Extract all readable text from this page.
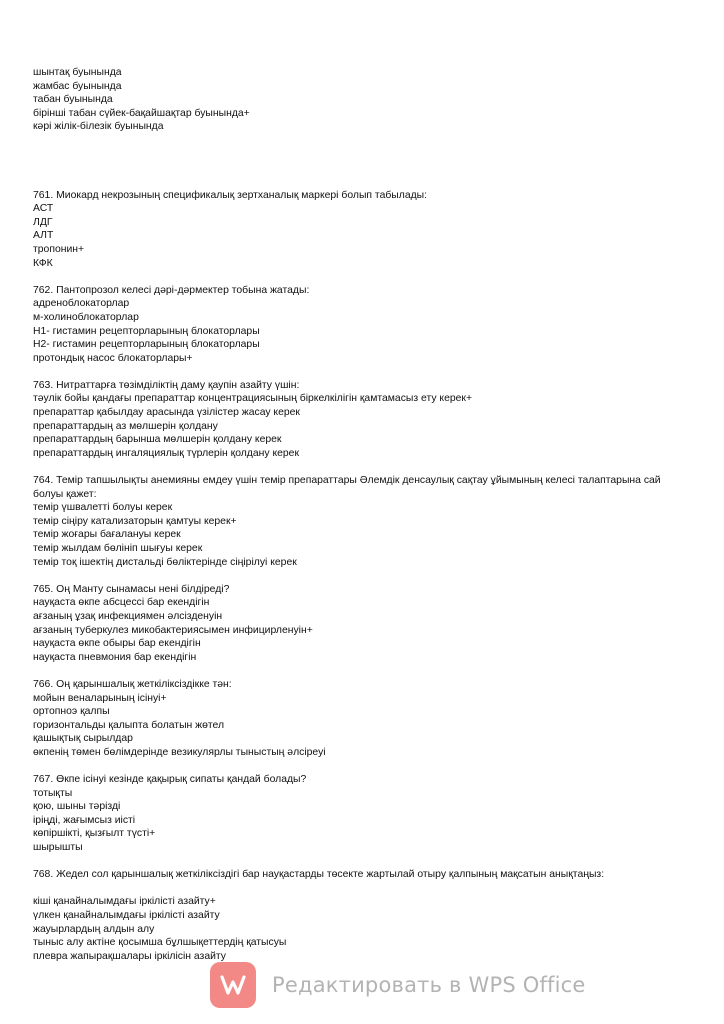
шынтақ буынында
жамбас буынында
табан буынында
бірінші табан сүйек-бақайшақтар буынында+
кәрі жілік-білезік буынында
761. Миокард некрозының спецификалық зертханалық маркері болып табылады:
АСТ
ЛДГ
АЛТ
тропонин+
КФК
762. Пантопрозол келесі дәрі-дәрмектер тобына жатады:
адреноблокаторлар
м-холиноблокаторлар
Н1- гистамин рецепторларының блокаторлары
Н2- гистамин рецепторларының блокаторлары
протондық насос блокаторлары+
763. Нитраттарға төзімділіктің даму қаупін азайту үшін:
тәулік бойы қандағы препараттар концентрациясының біркелкілігін қамтамасыз ету керек+
препараттар қабылдау арасында үзілістер жасау керек
препараттардың аз мөлшерін қолдану
препараттардың барынша мөлшерін қолдану керек
препараттардың ингаляциялық түрлерін қолдану керек
764. Темір тапшылықты анемияны емдеу үшін темір препараттары Әлемдік денсаулық сақтау ұйымының келесі талаптарына сай болуы қажет:
темір үшвалетті болуы керек
темір сіңіру катализаторын қамтуы керек+
темір жоғары бағалануы керек
темір жылдам бөлініп шығуы керек
темір тоқ ішектің дистальді бөліктерінде сіңірілуі керек
765. Оң Манту сынамасы нені білдіреді?
науқаста өкпе абсцессі бар екендігін
ағзаның ұзақ инфекциямен әлсізденуін
ағзаның туберкулез микобактериясымен инфицирленуін+
науқаста өкпе обыры бар екендігін
науқаста пневмония бар екендігін
766. Оң қарыншалық жеткіліксіздікке тән:
мойын веналарының ісінуі+
ортопноэ қалпы
горизонтальды қалыпта болатын жөтел
қашықтық сырылдар
өкпенің төмен бөлімдерінде везикулярлы тыныстың әлсіреуі
767. Өкпе ісінуі кезінде қақырық сипаты қандай болады?
тотықты
қою, шыны тәрізді
іріңді, жағымсыз иісті
көпіршікті, қызғылт түсті+
шырышты
768. Жедел сол қарыншалық жеткіліксіздігі бар науқастарды төсекте жартылай отыру қалпының мақсатын анықтаңыз:
кіші қанайналымдағы іркілісті азайту+
үлкен қанайналымдағы іркілісті азайту
жауырлардың алдын алу
тыныс алу актіне қосымша бұлшықеттердің қатысуы
плевра жапырақшалары іркілісін азайту
Редактировать в WPS Office
